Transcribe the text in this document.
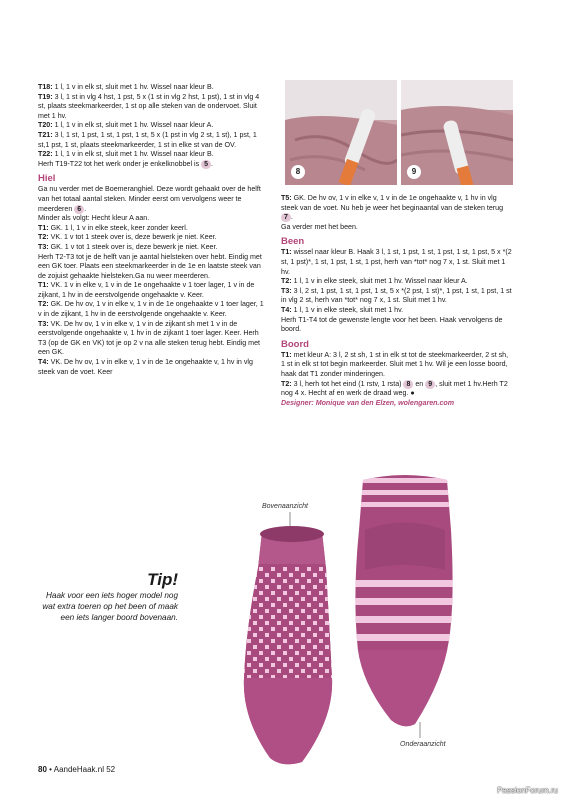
T18: 1 l, 1 v in elk st, sluit met 1 hv. Wissel naar kleur B.

T19: 3 l, 1 st in vlg 4 hst, 1 pst, 5 x (1 st in vlg 2 hst, 1 pst), 1 st in vlg 4 st, plaats steekmarkeerder, 1 st op alle steken van de ondervoet. Sluit met 1 hv.

T20: 1 l, 1 v in elk st, sluit met 1 hv. Wissel naar kleur A.

T21: 3 l, 1 st, 1 pst, 1 st, 1 pst, 1 st, 5 x (1 pst in vlg 2 st, 1 st), 1 pst, 1 st,1 pst, 1 st, plaats steekmarkeerder, 1 st in elke st van de OV.

T22: 1 l, 1 v in elk st, sluit met 1 hv. Wissel naar kleur B.

Herh T19-T22 tot het werk onder je enkelknobbel is 5 .

Hiel

Ga nu verder met de Boemeranghiel. Deze wordt gehaakt over de helft van het totaal aantal steken. Minder eerst om vervolgens weer te meerderen 6 .

Minder als volgt: Hecht kleur A aan.

T1: GK. 1 l, 1 v in elke steek, keer zonder keerl.

T2: VK. 1 v tot 1 steek over is, deze bewerk je niet. Keer.

T3: GK. 1 v tot 1 steek over is, deze bewerk je niet. Keer.

Herh T2-T3 tot je de helft van je aantal hielsteken over hebt. Eindig met een GK toer. Plaats een steekmarkeerder in de 1e en laatste steek van de zojuist gehaakte hielsteken.Ga nu weer meerderen.

T1: VK. 1 v in elke v, 1 v in de 1e ongehaakte v 1 toer lager, 1 v in de zijkant, 1 hv in de eerstvolgende ongehaakte v. Keer.

T2: GK. De hv ov, 1 v in elke v, 1 v in de 1e ongehaakte v 1 toer lager, 1 v in de zijkant, 1 hv in de eerstvolgende ongehaakte v. Keer.

T3: VK. De hv ov, 1 v in elke v, 1 v in de zijkant sh met 1 v in de eerstvolgende ongehaakte v, 1 hv in de zijkant 1 toer lager. Keer. Herh T3 (op de GK en VK) tot je op 2 v na alle steken terug hebt. Eindig met een GK.

T4: VK. De hv ov, 1 v in elke v, 1 v in de 1e ongehaakte v, 1 hv in vlg steek van de voet. Keer

8	9

T5: GK. De hv ov, 1 v in elke v, 1 v in de 1e ongehaakte v, 1 hv in vlg steek van de voet. Nu heb je weer het beginaantal van de steken terug 7 .

Ga verder met het been.

Been

T1: wissel naar kleur B. Haak 3 l, 1 st, 1 pst, 1 st, 1 pst, 1 st, 1 pst, 5 x *(2 st, 1 pst)*, 1 st, 1 pst, 1 st, 1 pst, herh van *tot* nog 7 x, 1 st. Sluit met 1 hv.

T2: 1 l, 1 v in elke steek, sluit met 1 hv. Wissel naar kleur A.

T3: 3 l, 2 st, 1 pst, 1 st, 1 pst, 1 st, 5 x *(2 pst, 1 st)*, 1 pst, 1 st, 1 pst, 1 st in vlg 2 st, herh van *tot* nog 7 x, 1 st. Sluit met 1 hv.

T4: 1 l, 1 v in elke steek, sluit met 1 hv.

Herh T1-T4 tot de gewenste lengte voor het been. Haak vervolgens de boord.

Boord

T1: met kleur A: 3 l, 2 st sh, 1 st in elk st tot de steekmarkeerder, 2 st sh, 1 st in elk st tot begin markeerder. Sluit met 1 hv. Wil je een losse boord, haak dat T1 zonder minderingen.

T2: 3 l, herh tot het eind (1 rstv, 1 rsta) 8 en 9 , sluit met 1 hv.Herh T2 nog 4 x. Hecht af en werk de draad weg. ●

Designer: Monique van den Elzen, wolengaren.com

Bovenaanzicht
Onderaanzicht
Tip!
Haak voor een iets hoger model nog wat extra toeren op het been of maak een iets langer boord bovenaan.
80 • AandeHaak.nl 52
PassionForum.ru
